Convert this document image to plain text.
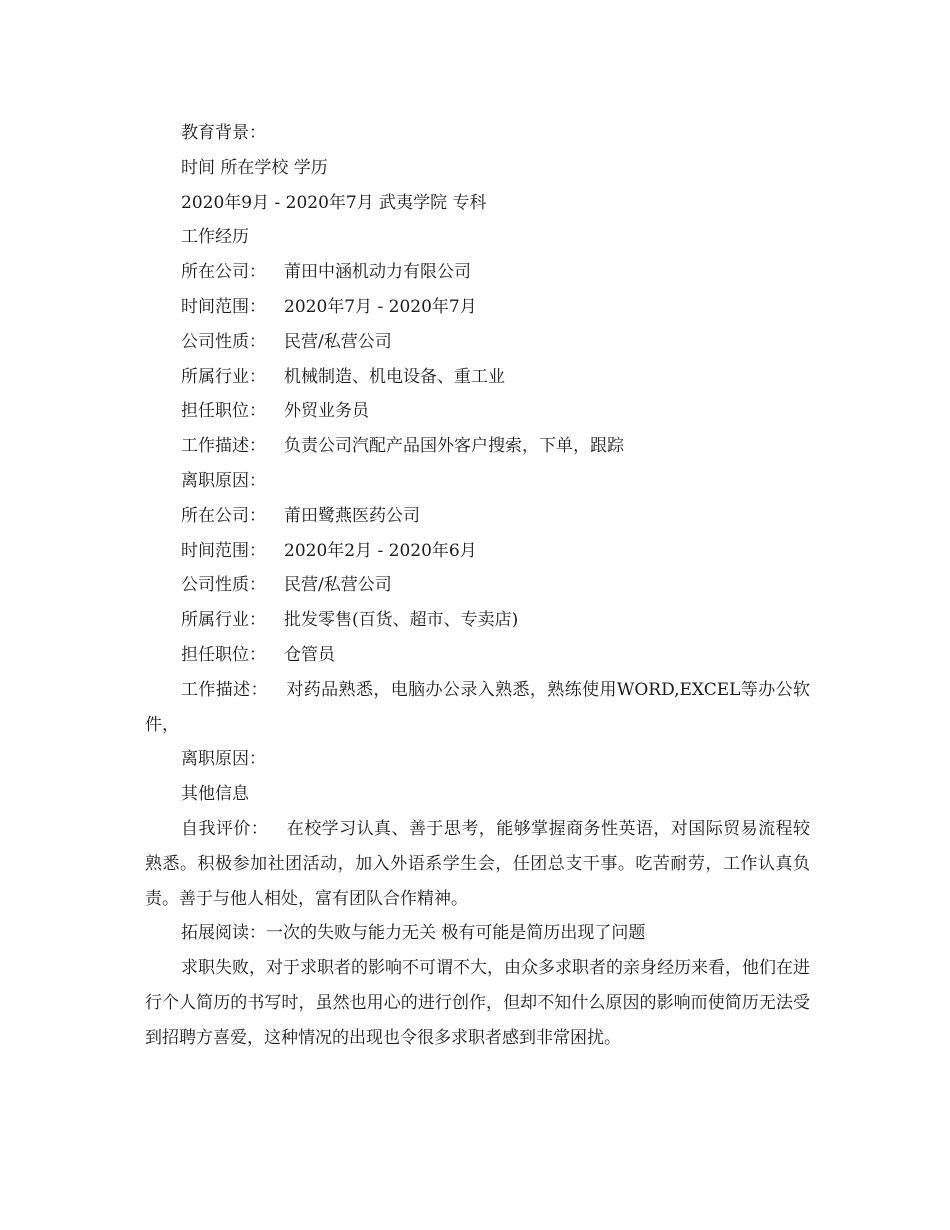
教育背景：

时间 所在学校 学历

2020年9月 - 2020年7月 武夷学院 专科

工作经历

所在公司： 莆田中涵机动力有限公司

时间范围： 2020年7月 - 2020年7月

公司性质： 民营/私营公司

所属行业： 机械制造、机电设备、重工业

担任职位： 外贸业务员

工作描述： 负责公司汽配产品国外客户搜索，下单，跟踪

离职原因：

所在公司： 莆田鹭燕医药公司

时间范围： 2020年2月 - 2020年6月

公司性质： 民营/私营公司

所属行业： 批发零售(百货、超市、专卖店)

担任职位： 仓管员

工作描述： 对药品熟悉，电脑办公录入熟悉，熟练使用WORD,EXCEL等办公软件，

离职原因：

其他信息

自我评价： 在校学习认真、善于思考，能够掌握商务性英语，对国际贸易流程较熟悉。积极参加社团活动，加入外语系学生会，任团总支干事。吃苦耐劳，工作认真负责。善于与他人相处，富有团队合作精神。

拓展阅读：一次的失败与能力无关 极有可能是简历出现了问题

求职失败，对于求职者的影响不可谓不大，由众多求职者的亲身经历来看，他们在进行个人简历的书写时，虽然也用心的进行创作，但却不知什么原因的影响而使简历无法受到招聘方喜爱，这种情况的出现也令很多求职者感到非常困扰。
